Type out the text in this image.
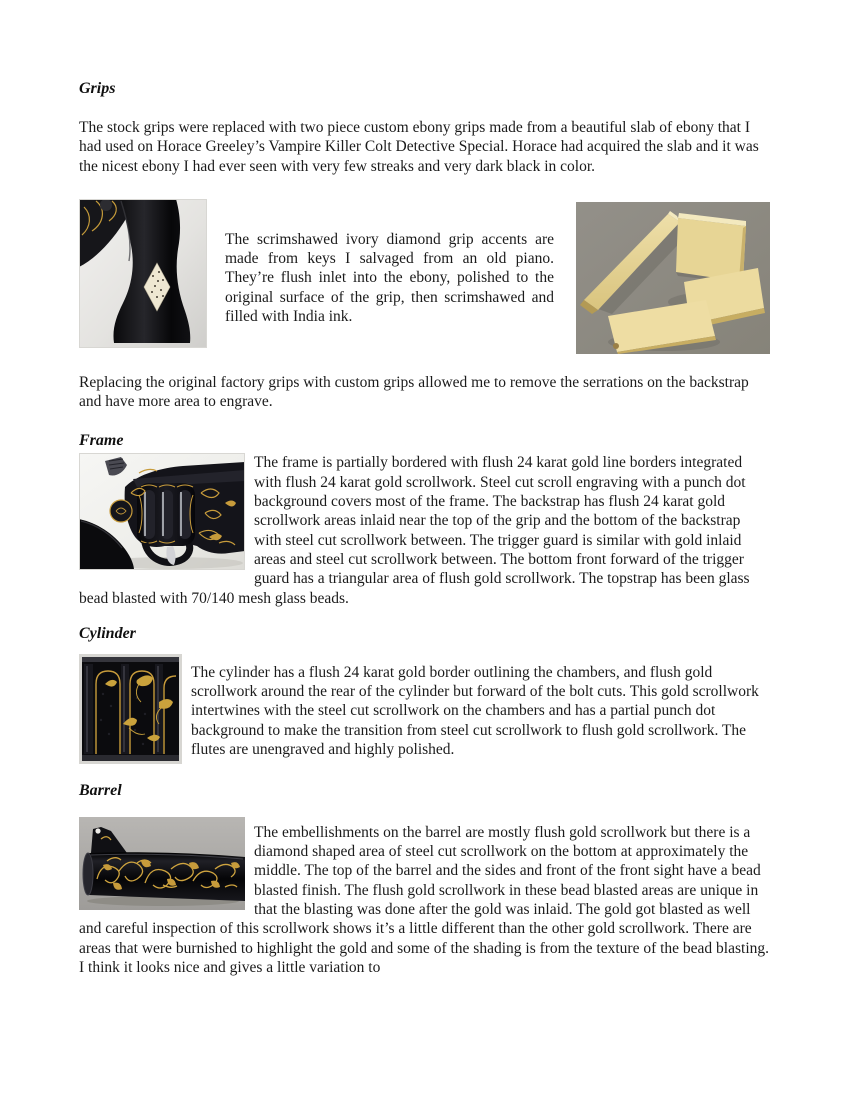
Grips

The stock grips were replaced with two piece custom ebony grips made from a beautiful slab of ebony that I had used on Horace Greeley’s Vampire Killer Colt Detective Special. Horace had acquired the slab and it was the nicest ebony I had ever seen with very few streaks and very dark black in color.

The scrimshawed ivory diamond grip accents are made from keys I salvaged from an old piano. They’re flush inlet into the ebony, polished to the original surface of the grip, then scrimshawed and filled with India ink.

Replacing the original factory grips with custom grips allowed me to remove the serrations on the backstrap and have more area to engrave.

Frame

The frame is partially bordered with flush 24 karat gold line borders integrated with flush 24 karat gold scrollwork. Steel cut scroll engraving with a punch dot background covers most of the frame. The backstrap has flush 24 karat gold scrollwork areas inlaid near the top of the grip and the bottom of the backstrap with steel cut scrollwork between. The trigger guard is similar with gold inlaid areas and steel cut scrollwork between. The bottom front forward of the trigger guard has a triangular area of flush gold scrollwork. The topstrap has been glass bead blasted with 70/140 mesh glass beads.

Cylinder

The cylinder has a flush 24 karat gold border outlining the chambers, and flush gold scrollwork around the rear of the cylinder but forward of the bolt cuts. This gold scrollwork intertwines with the steel cut scrollwork on the chambers and has a partial punch dot background to make the transition from steel cut scrollwork to flush gold scrollwork. The flutes are unengraved and highly polished.

Barrel

The embellishments on the barrel are mostly flush gold scrollwork but there is a diamond shaped area of steel cut scrollwork on the bottom at approximately the middle. The top of the barrel and the sides and front of the front sight have a bead blasted finish. The flush gold scrollwork in these bead blasted areas are unique in that the blasting was done after the gold was inlaid. The gold got blasted as well and careful inspection of this scrollwork shows it’s a little different than the other gold scrollwork. There are areas that were burnished to highlight the gold and some of the shading is from the texture of the bead blasting. I think it looks nice and gives a little variation to
